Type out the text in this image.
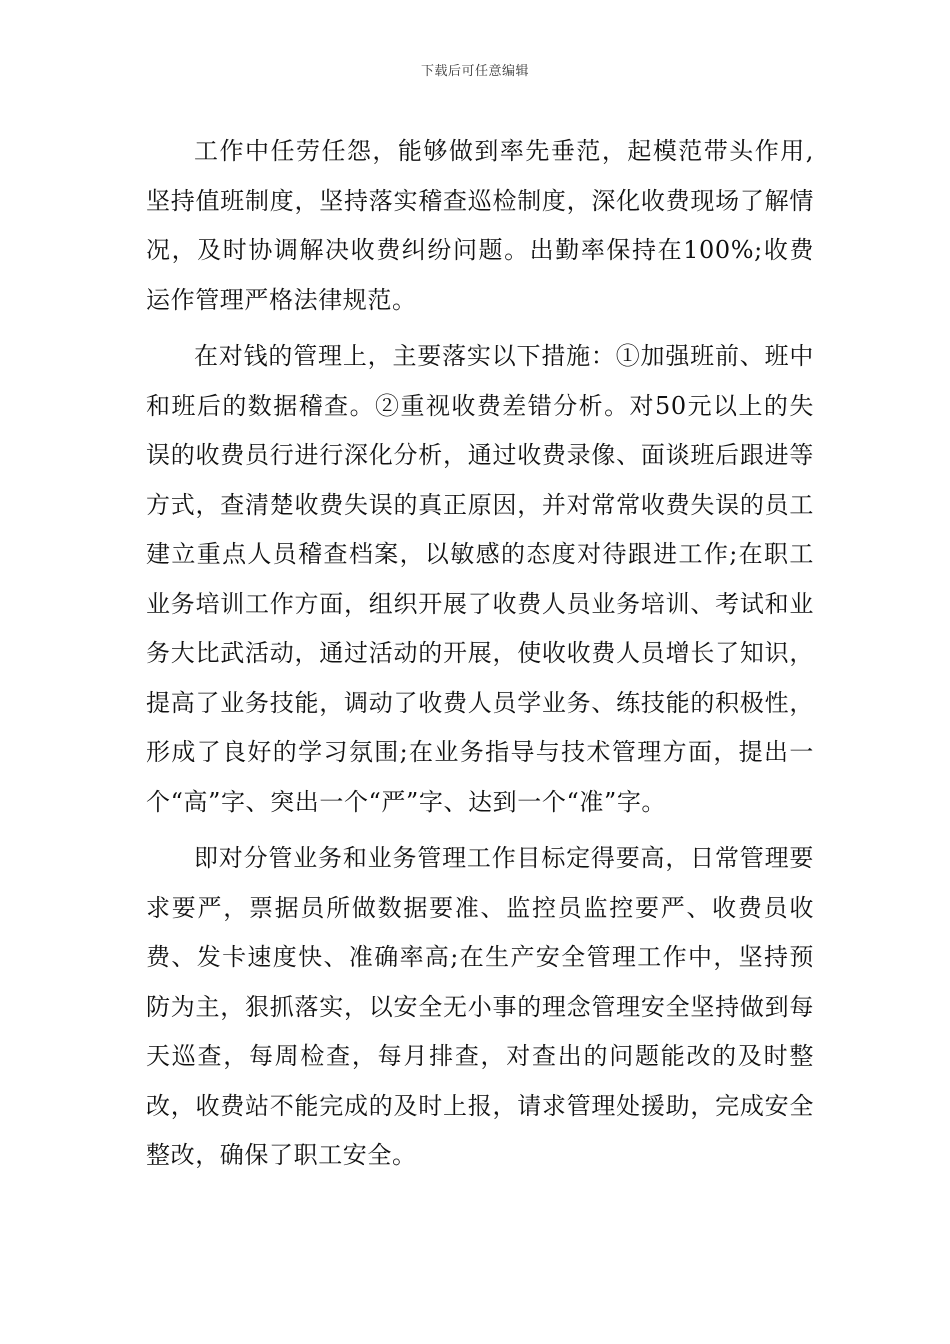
下载后可任意编辑

工作中任劳任怨，能够做到率先垂范，起模范带头作用,坚持值班制度，坚持落实稽查巡检制度，深化收费现场了解情况，及时协调解决收费纠纷问题。出勤率保持在100%;收费运作管理严格法律规范。

在对钱的管理上，主要落实以下措施：①加强班前、班中和班后的数据稽查。②重视收费差错分析。对50元以上的失误的收费员行进行深化分析，通过收费录像、面谈班后跟进等方式，查清楚收费失误的真正原因，并对常常收费失误的员工建立重点人员稽查档案，以敏感的态度对待跟进工作;在职工业务培训工作方面，组织开展了收费人员业务培训、考试和业务大比武活动，通过活动的开展，使收收费人员增长了知识，提高了业务技能，调动了收费人员学业务、练技能的积极性，形成了良好的学习氛围;在业务指导与技术管理方面，提出一个“高”字、突出一个“严”字、达到一个“准”字。

即对分管业务和业务管理工作目标定得要高，日常管理要求要严，票据员所做数据要准、监控员监控要严、收费员收费、发卡速度快、准确率高;在生产安全管理工作中，坚持预防为主，狠抓落实，以安全无小事的理念管理安全坚持做到每天巡查，每周检查，每月排查，对查出的问题能改的及时整改，收费站不能完成的及时上报，请求管理处援助，完成安全整改，确保了职工安全。
